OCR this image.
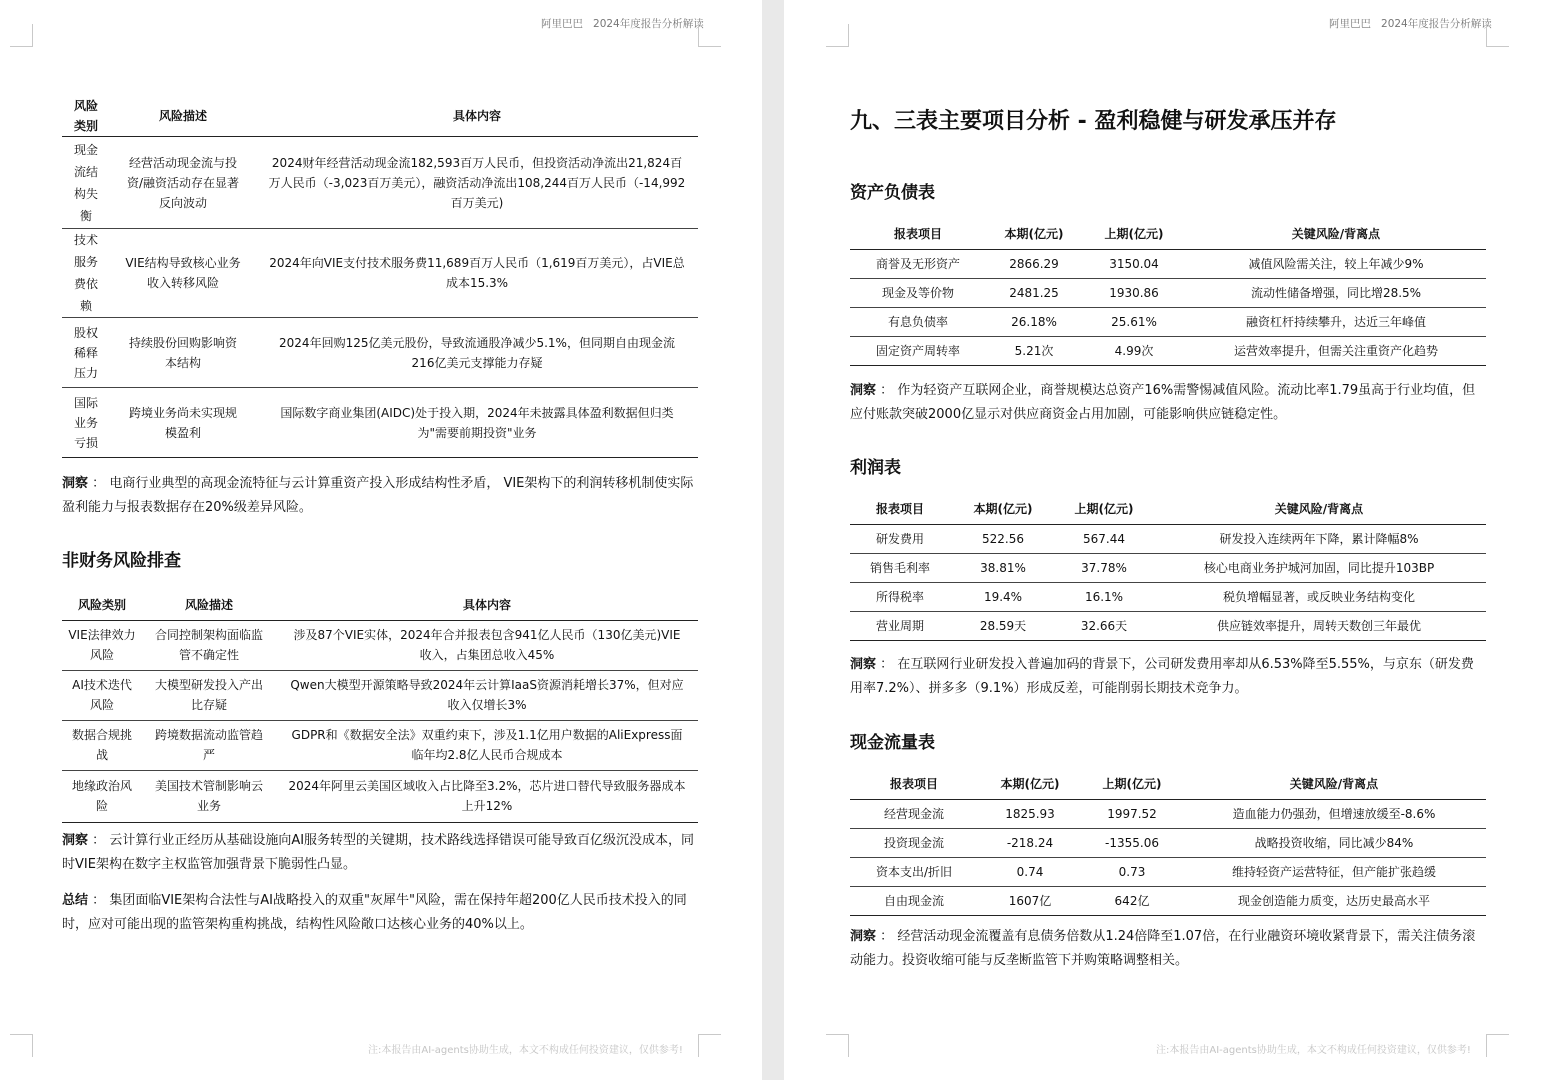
阿里巴巴 2024年度报告分析解读
风险类别	风险描述	具体内容
现金流结构失衡	经营活动现金流与投资/融资活动存在显著反向波动	2024财年经营活动现金流182,593百万人民币，但投资活动净流出21,824百万人民币（-3,023百万美元），融资活动净流出108,244百万人民币（-14,992百万美元)
技术服务费依赖	VIE结构导致核心业务收入转移风险	2024年向VIE支付技术服务费11,689百万人民币（1,619百万美元），占VIE总成本15.3%
股权稀释压力	持续股份回购影响资本结构	2024年回购125亿美元股份，导致流通股净减少5.1%，但同期自由现金流216亿美元支撑能力存疑
国际业务亏损	跨境业务尚未实现规模盈利	国际数字商业集团(AIDC)处于投入期，2024年未披露具体盈利数据但归类为"需要前期投资"业务

洞察 ： 电商行业典型的高现金流特征与云计算重资产投入形成结构性矛盾， VIE架构下的利润转移机制使实际盈利能力与报表数据存在20%级差异风险。

非财务风险排查
风险类别	风险描述	具体内容
VIE法律效力风险	合同控制架构面临监管不确定性	涉及87个VIE实体，2024年合并报表包含941亿人民币（130亿美元)VIE收入，占集团总收入45%
AI技术迭代风险	大模型研发投入产出比存疑	Qwen大模型开源策略导致2024年云计算IaaS资源消耗增长37%，但对应收入仅增长3%
数据合规挑战	跨境数据流动监管趋严	GDPR和《数据安全法》双重约束下，涉及1.1亿用户数据的AliExpress面临年均2.8亿人民币合规成本
地缘政治风险	美国技术管制影响云业务	2024年阿里云美国区域收入占比降至3.2%，芯片进口替代导致服务器成本上升12%

洞察 ： 云计算行业正经历从基础设施向AI服务转型的关键期，技术路线选择错误可能导致百亿级沉没成本，同时VIE架构在数字主权监管加强背景下脆弱性凸显。

总结 ： 集团面临VIE架构合法性与AI战略投入的双重"灰犀牛"风险，需在保持年超200亿人民币技术投入的同时，应对可能出现的监管架构重构挑战，结构性风险敞口达核心业务的40%以上。

注:本报告由AI-agents协助生成，本文不构成任何投资建议，仅供参考!
阿里巴巴 2024年度报告分析解读
九、三表主要项目分析 - 盈利稳健与研发承压并存
资产负债表
报表项目	本期(亿元)	上期(亿元)	关键风险/背离点
商誉及无形资产	2866.29	3150.04	减值风险需关注，较上年减少9%
现金及等价物	2481.25	1930.86	流动性储备增强，同比增28.5%
有息负债率	26.18%	25.61%	融资杠杆持续攀升，达近三年峰值
固定资产周转率	5.21次	4.99次	运营效率提升，但需关注重资产化趋势

洞察 ： 作为轻资产互联网企业，商誉规模达总资产16%需警惕减值风险。流动比率1.79虽高于行业均值，但应付账款突破2000亿显示对供应商资金占用加剧，可能影响供应链稳定性。

利润表
报表项目	本期(亿元)	上期(亿元)	关键风险/背离点
研发费用	522.56	567.44	研发投入连续两年下降，累计降幅8%
销售毛利率	38.81%	37.78%	核心电商业务护城河加固，同比提升103BP
所得税率	19.4%	16.1%	税负增幅显著，或反映业务结构变化
营业周期	28.59天	32.66天	供应链效率提升，周转天数创三年最优

洞察 ： 在互联网行业研发投入普遍加码的背景下，公司研发费用率却从6.53%降至5.55%，与京东（研发费用率7.2%）、拼多多（9.1%）形成反差，可能削弱长期技术竞争力。

现金流量表
报表项目	本期(亿元)	上期(亿元)	关键风险/背离点
经营现金流	1825.93	1997.52	造血能力仍强劲，但增速放缓至-8.6%
投资现金流	-218.24	-1355.06	战略投资收缩，同比减少84%
资本支出/折旧	0.74	0.73	维持轻资产运营特征，但产能扩张趋缓
自由现金流	1607亿	642亿	现金创造能力质变，达历史最高水平

洞察 ： 经营活动现金流覆盖有息债务倍数从1.24倍降至1.07倍，在行业融资环境收紧背景下，需关注债务滚动能力。投资收缩可能与反垄断监管下并购策略调整相关。

注:本报告由AI-agents协助生成，本文不构成任何投资建议，仅供参考!
